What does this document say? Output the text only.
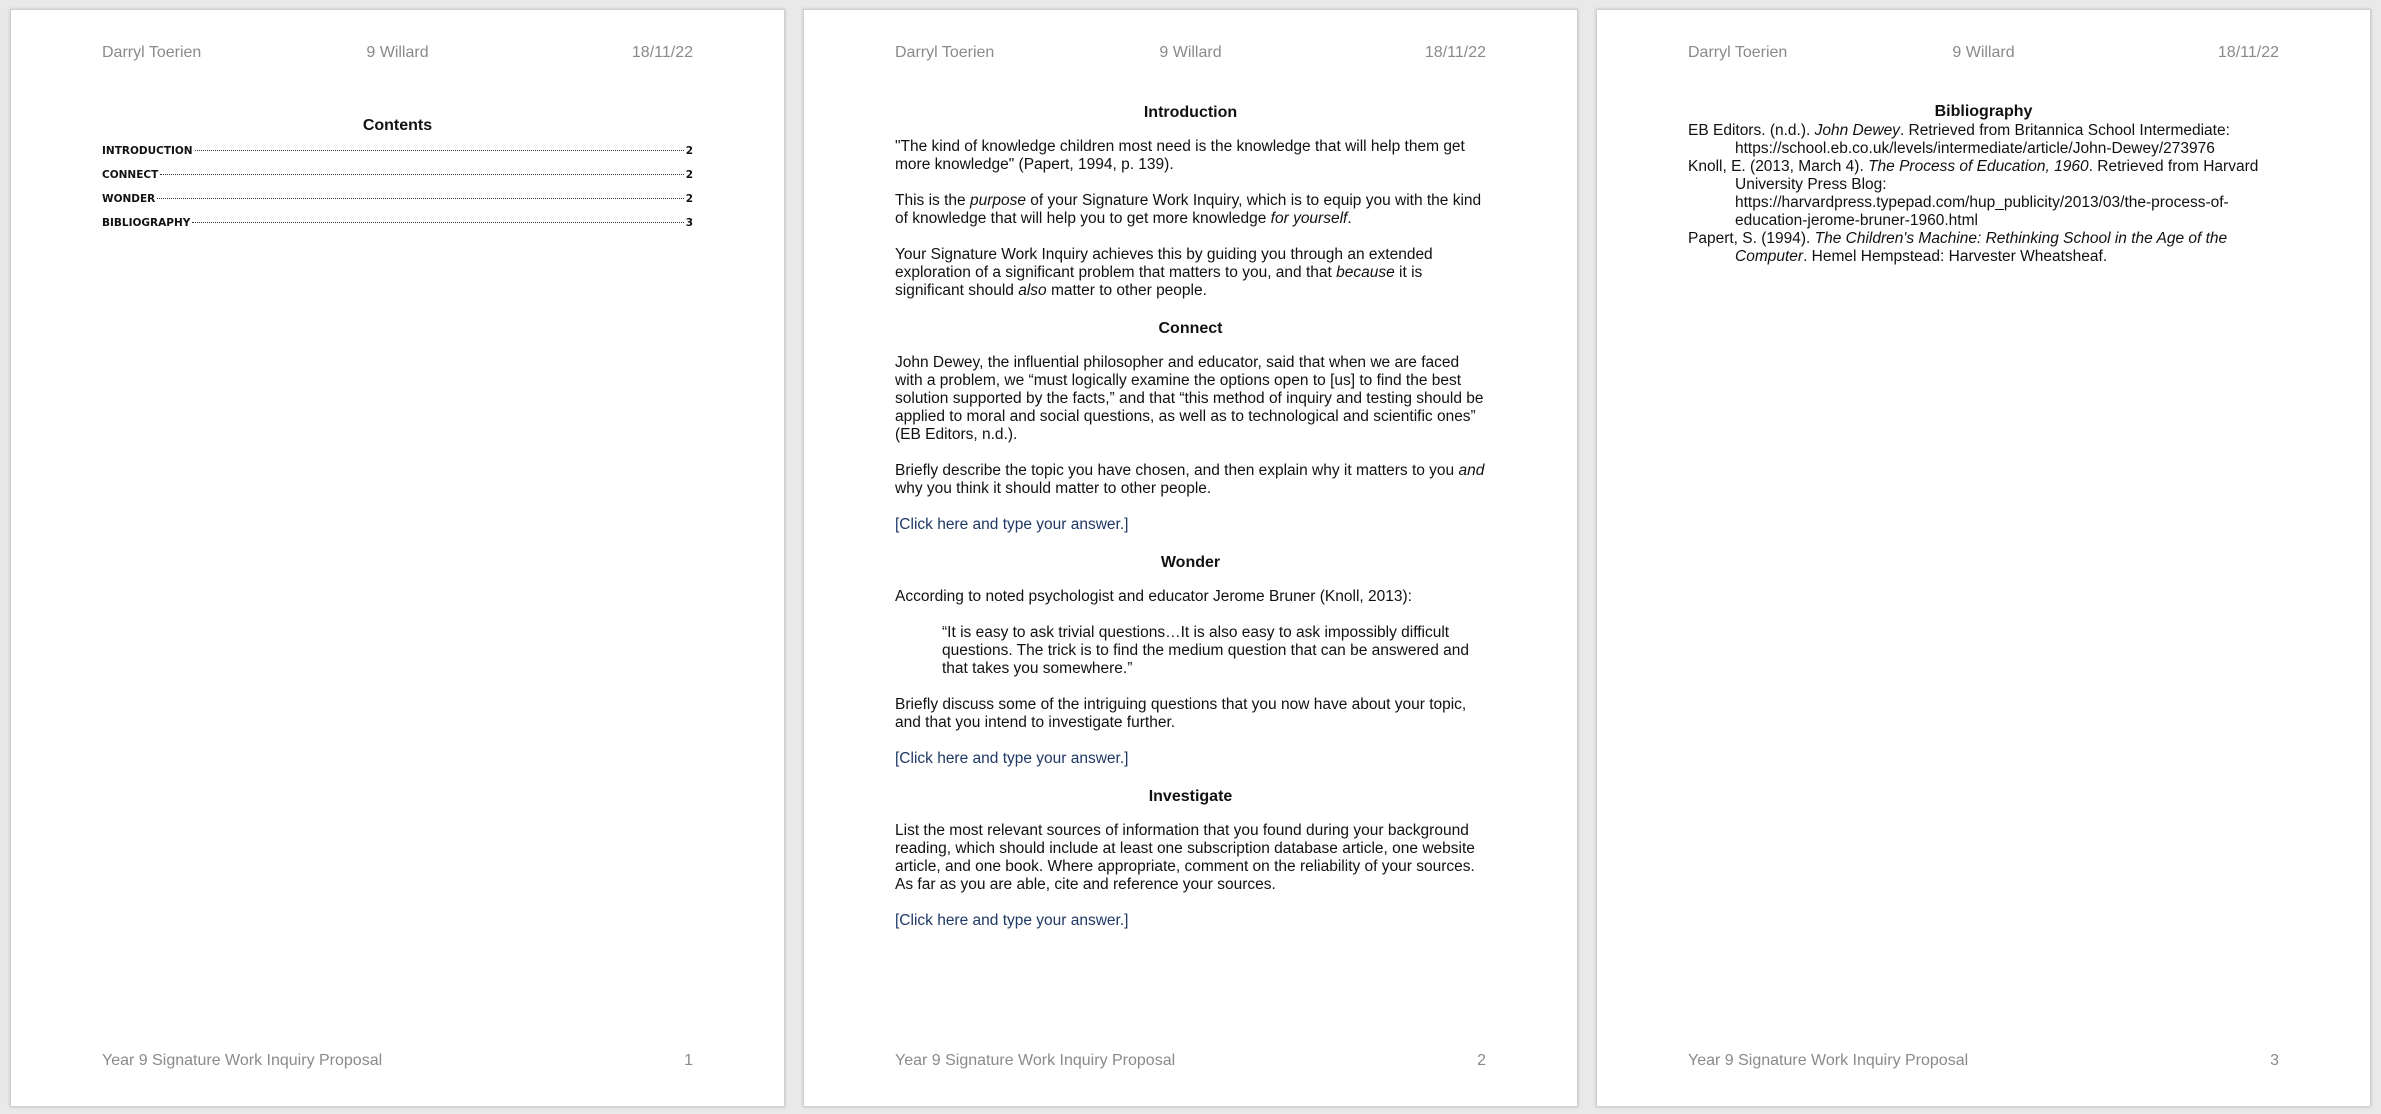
Darryl Toerien	9 Willard	18/11/22
Contents
INTRODUCTION	2
CONNECT	2
WONDER	2
BIBLIOGRAPHY	3
Year 9 Signature Work Inquiry Proposal	1
Darryl Toerien	9 Willard	18/11/22
Introduction

"The kind of knowledge children most need is the knowledge that will help them get more knowledge" (Papert, 1994, p. 139).

This is the purpose of your Signature Work Inquiry, which is to equip you with the kind of knowledge that will help you to get more knowledge for yourself.

Your Signature Work Inquiry achieves this by guiding you through an extended exploration of a significant problem that matters to you, and that because it is significant should also matter to other people.

Connect

John Dewey, the influential philosopher and educator, said that when we are faced with a problem, we “must logically examine the options open to [us] to find the best solution supported by the facts,” and that “this method of inquiry and testing should be applied to moral and social questions, as well as to technological and scientific ones” (EB Editors, n.d.).

Briefly describe the topic you have chosen, and then explain why it matters to you and why you think it should matter to other people.

[Click here and type your answer.]

Wonder

According to noted psychologist and educator Jerome Bruner (Knoll, 2013):

“It is easy to ask trivial questions…It is also easy to ask impossibly difficult questions. The trick is to find the medium question that can be answered and that takes you somewhere.”

Briefly discuss some of the intriguing questions that you now have about your topic, and that you intend to investigate further.

[Click here and type your answer.]

Investigate

List the most relevant sources of information that you found during your background reading, which should include at least one subscription database article, one website article, and one book. Where appropriate, comment on the reliability of your sources. As far as you are able, cite and reference your sources.

[Click here and type your answer.]

Year 9 Signature Work Inquiry Proposal	2
Darryl Toerien	9 Willard	18/11/22
Bibliography

EB Editors. (n.d.). John Dewey. Retrieved from Britannica School Intermediate: https://school.eb.co.uk/levels/intermediate/article/John-Dewey/273976

Knoll, E. (2013, March 4). The Process of Education, 1960. Retrieved from Harvard University Press Blog: https://harvardpress.typepad.com/hup_publicity/2013/03/the-process-of-education-jerome-bruner-1960.html

Papert, S. (1994). The Children's Machine: Rethinking School in the Age of the Computer. Hemel Hempstead: Harvester Wheatsheaf.

Year 9 Signature Work Inquiry Proposal	3
